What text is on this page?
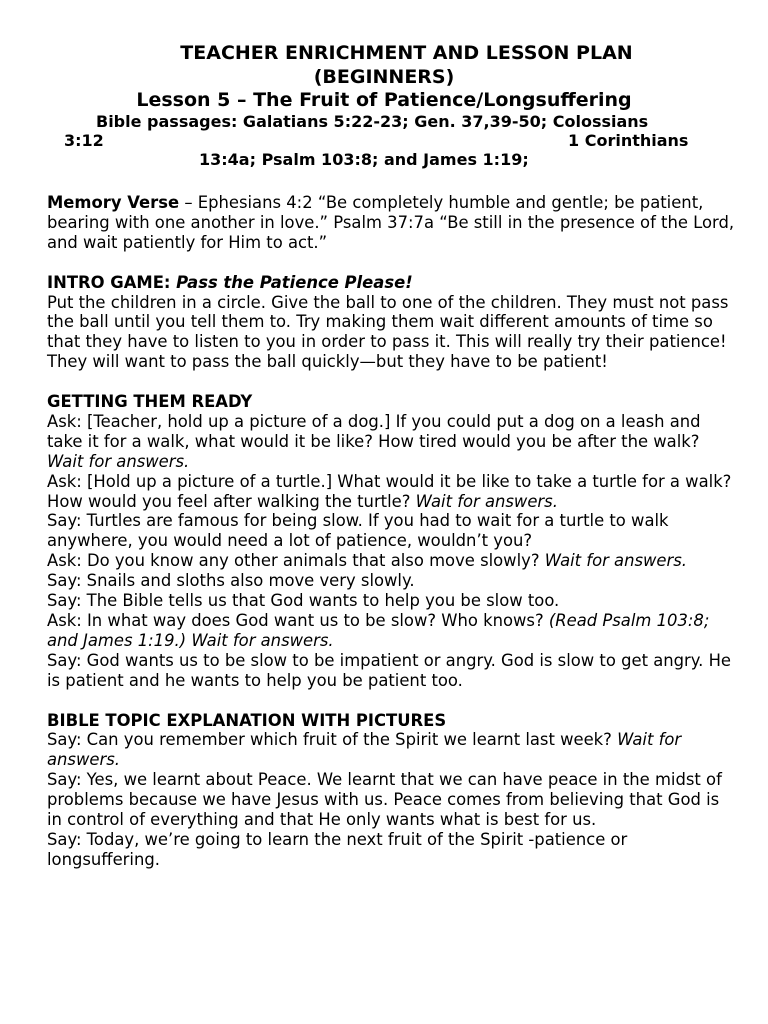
TEACHER ENRICHMENT AND LESSON PLAN
(BEGINNERS)
Lesson 5 – The Fruit of Patience/Longsuffering
Bible passages: Galatians 5:22-23; Gen. 37,39-50; Colossians
3:12	1 Corinthians
13:4a; Psalm 103:8; and James 1:19;

Memory Verse – Ephesians 4:2 “Be completely humble and gentle; be patient, bearing with one another in love.” Psalm 37:7a “Be still in the presence of the Lord, and wait patiently for Him to act.”

INTRO GAME: Pass the Patience Please!

Put the children in a circle. Give the ball to one of the children. They must not pass the ball until you tell them to. Try making them wait different amounts of time so that they have to listen to you in order to pass it. This will really try their patience! They will want to pass the ball quickly—but they have to be patient!

GETTING THEM READY

Ask: [Teacher, hold up a picture of a dog.] If you could put a dog on a leash and take it for a walk, what would it be like? How tired would you be after the walk? Wait for answers.

Ask: [Hold up a picture of a turtle.] What would it be like to take a turtle for a walk? How would you feel after walking the turtle? Wait for answers.

Say: Turtles are famous for being slow. If you had to wait for a turtle to walk anywhere, you would need a lot of patience, wouldn’t you?

Ask: Do you know any other animals that also move slowly? Wait for answers.

Say: Snails and sloths also move very slowly.

Say: The Bible tells us that God wants to help you be slow too.

Ask: In what way does God want us to be slow? Who knows? (Read Psalm 103:8; and James 1:19.) Wait for answers.

Say: God wants us to be slow to be impatient or angry. God is slow to get angry. He is patient and he wants to help you be patient too.

BIBLE TOPIC EXPLANATION WITH PICTURES

Say: Can you remember which fruit of the Spirit we learnt last week? Wait for answers.

Say: Yes, we learnt about Peace. We learnt that we can have peace in the midst of problems because we have Jesus with us. Peace comes from believing that God is in control of everything and that He only wants what is best for us.

Say: Today, we’re going to learn the next fruit of the Spirit -patience or longsuffering.
